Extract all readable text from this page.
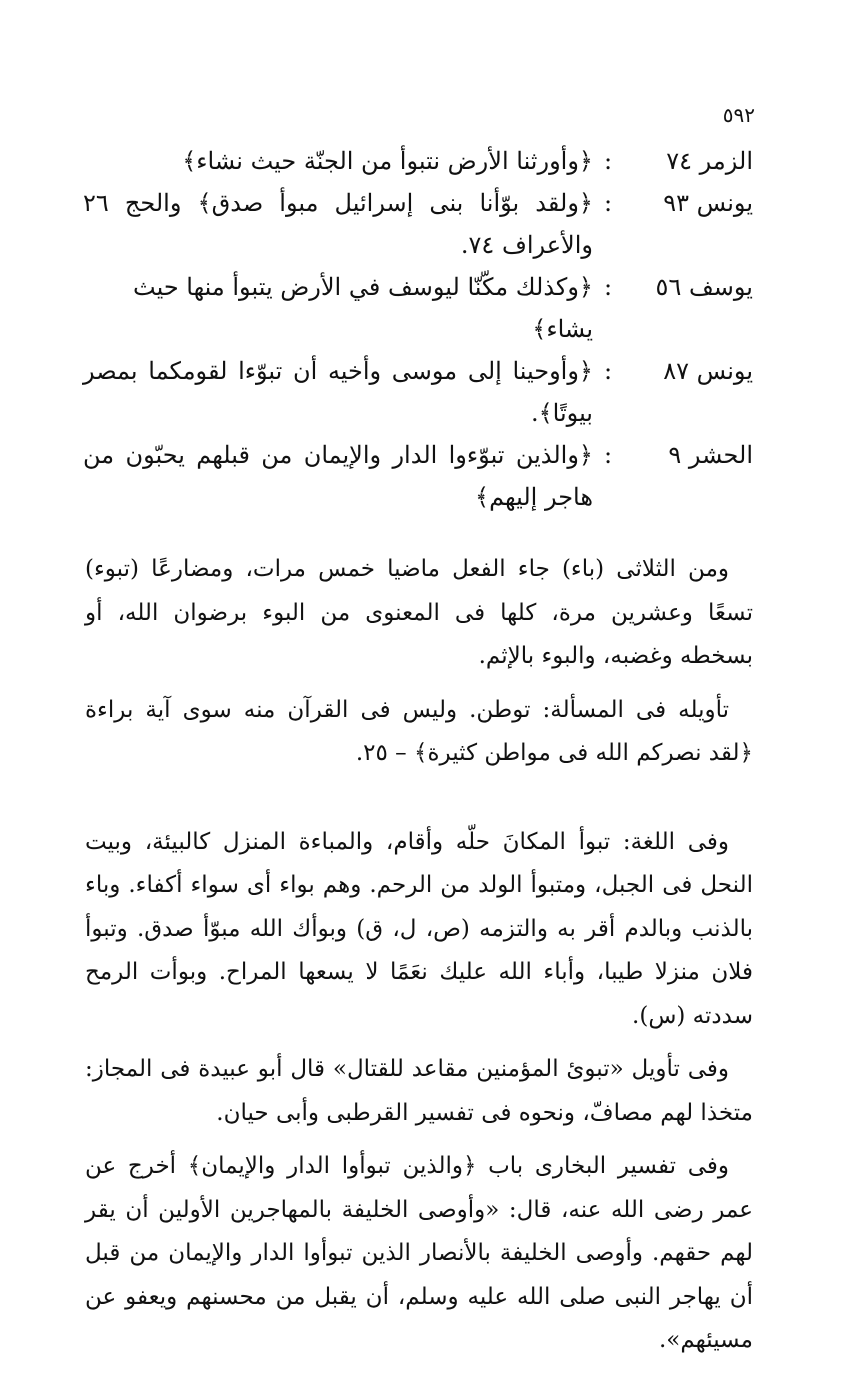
٥٩٢
الزمر ٧٤
:
﴿وأورثنا الأرض نتبوأ من الجنّة حيث نشاء﴾
يونس ٩٣
:
﴿ولقد بوّأنا بنى إسرائيل مبوأ صدق﴾ والحج ٢٦ والأعراف ٧٤.
يوسف ٥٦
:
﴿وكذلك مكّنّا ليوسف في الأرض يتبوأ منها حيث يشاء﴾
يونس ٨٧
:
﴿وأوحينا إلى موسى وأخيه أن تبوّءا لقومكما بمصر بيوتًا﴾.
الحشر ٩
:
﴿والذين تبوّءوا الدار والإيمان من قبلهم يحبّون من هاجر إليهم﴾

ومن الثلاثى (باء) جاء الفعل ماضيا خمس مرات، ومضارعًا (تبوء) تسعًا وعشرين مرة، كلها فى المعنوى من البوء برضوان الله، أو بسخطه وغضبه، والبوء بالإثم.

تأويله فى المسألة: توطن. وليس فى القرآن منه سوى آية براءة ﴿لقد نصركم الله فى مواطن كثيرة﴾ – ٢٥.

وفى اللغة: تبوأ المكانَ حلّه وأقام، والمباءة المنزل كالبيئة، وبيت النحل فى الجبل، ومتبوأ الولد من الرحم. وهم بواء أى سواء أكفاء. وباء بالذنب وبالدم أقر به والتزمه (ص، ل، ق) وبوأك الله مبوّأ صدق. وتبوأ فلان منزلا طيبا، وأباء الله عليك نعَمًا لا يسعها المراح. وبوأت الرمح سددته (س).

وفى تأويل «تبوئ المؤمنين مقاعد للقتال» قال أبو عبيدة فى المجاز: متخذا لهم مصافّ، ونحوه فى تفسير القرطبى وأبى حيان.

وفى تفسير البخارى باب ﴿والذين تبوأوا الدار والإيمان﴾ أخرج عن عمر رضى الله عنه، قال: «وأوصى الخليفة بالمهاجرين الأولين أن يقر لهم حقهم. وأوصى الخليفة بالأنصار الذين تبوأوا الدار والإيمان من قبل أن يهاجر النبى صلى الله عليه وسلم، أن يقبل من محسنهم ويعفو عن مسيئهم».
